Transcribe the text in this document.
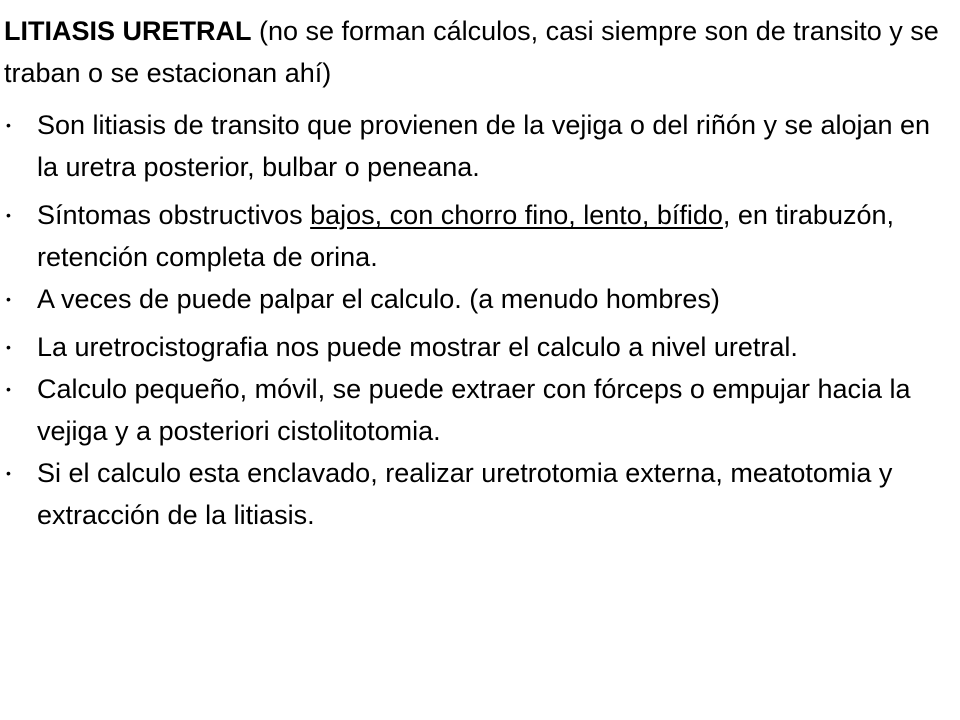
LITIASIS URETRAL (no se forman cálculos, casi siempre son de transito y se traban o se estacionan ahí)
• Son litiasis de transito que provienen de la vejiga o del riñón y se alojan en la uretra posterior, bulbar o peneana.
• Síntomas obstructivos bajos, con chorro fino, lento, bífido, en tirabuzón, retención completa de orina.
• A veces de puede palpar el calculo. (a menudo hombres)
• La uretrocistografia nos puede mostrar el calculo a nivel uretral.
• Calculo pequeño, móvil, se puede extraer con fórceps o empujar hacia la vejiga y a posteriori cistolitotomia.
• Si el calculo esta enclavado, realizar uretrotomia externa, meatotomia y extracción de la litiasis.
